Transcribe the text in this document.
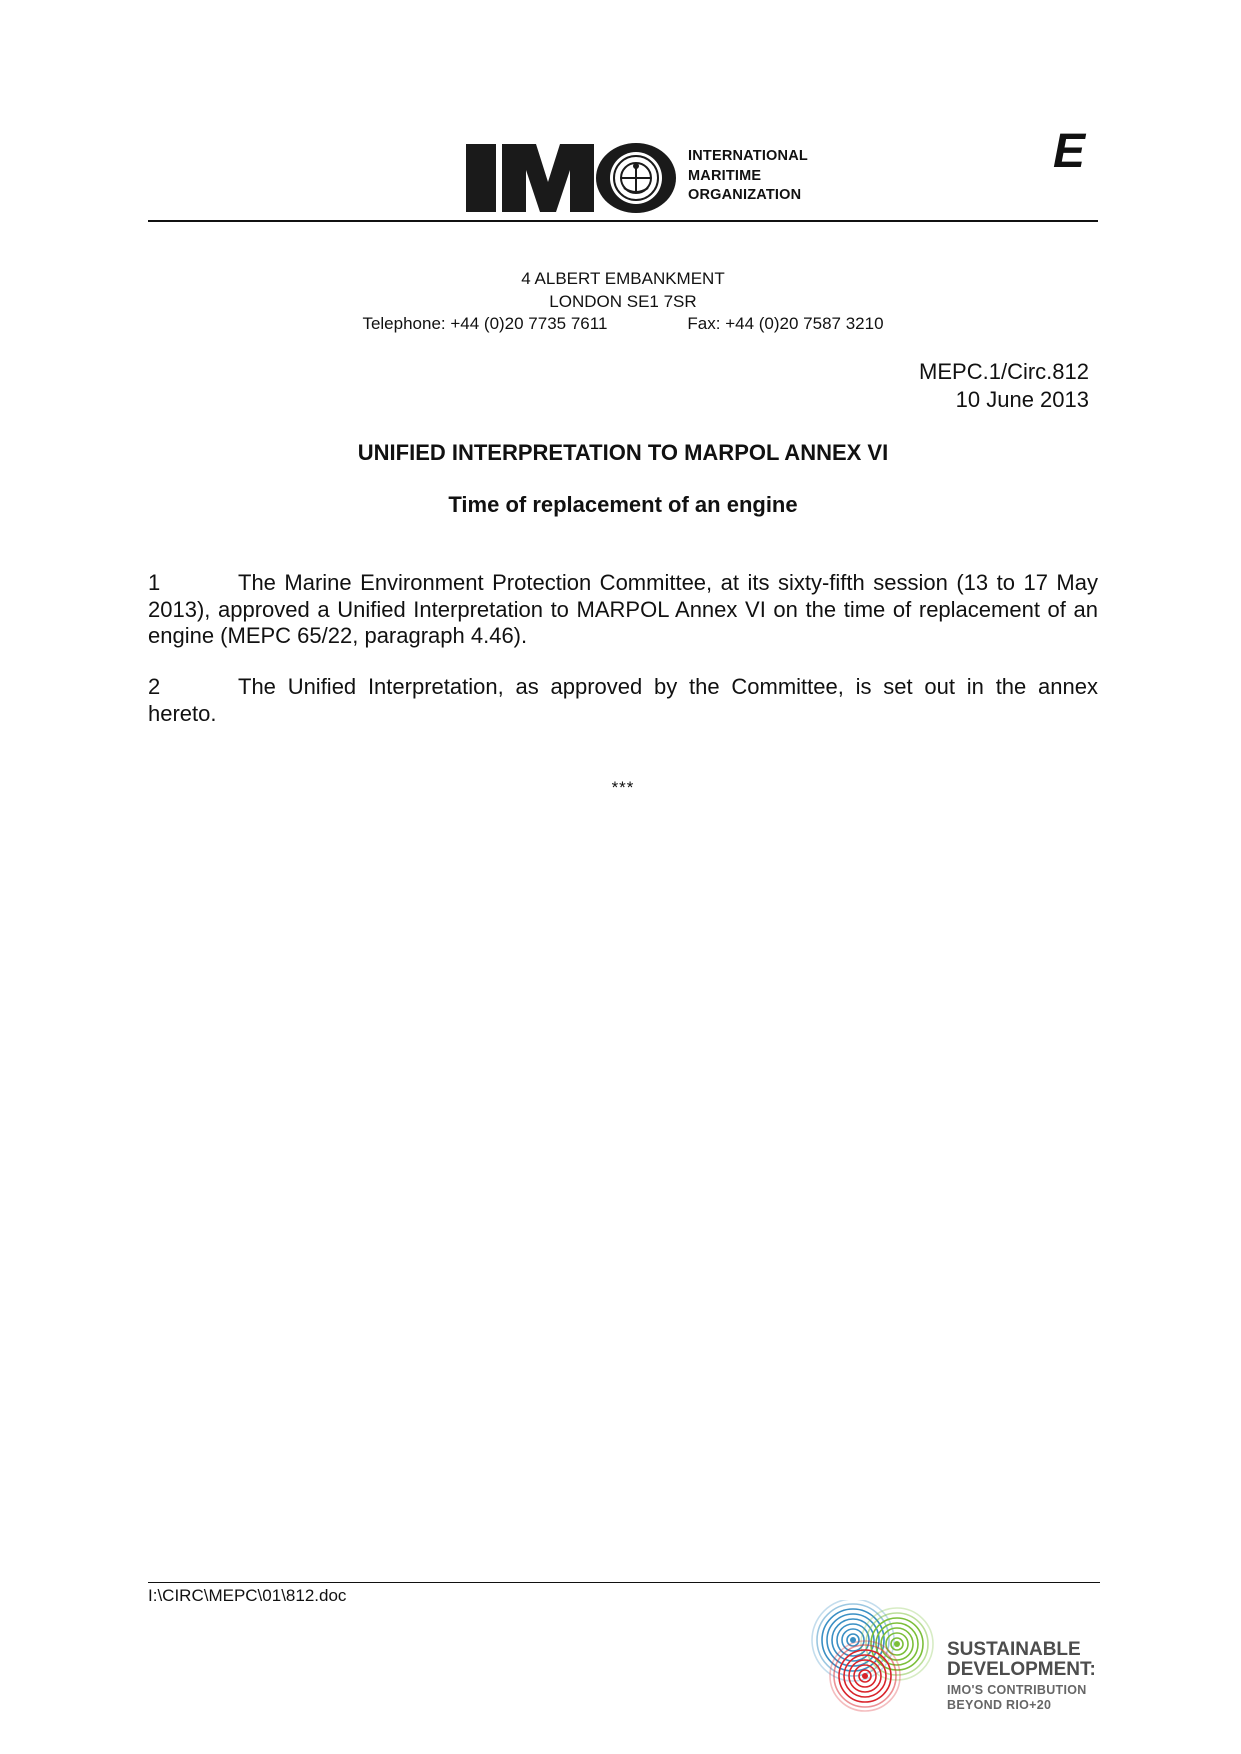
INTERNATIONAL
MARITIME
ORGANIZATION
E
4 ALBERT EMBANKMENT
LONDON SE1 7SR
Telephone: +44 (0)20 7735 7611	Fax: +44 (0)20 7587 3210
MEPC.1/Circ.812
10 June 2013
UNIFIED INTERPRETATION TO MARPOL ANNEX VI
Time of replacement of an engine
1	The Marine Environment Protection Committee, at its sixty-fifth session (13 to 17 May 2013), approved a Unified Interpretation to MARPOL Annex VI on the time of replacement of an engine (MEPC 65/22, paragraph 4.46).
2	The Unified Interpretation, as approved by the Committee, is set out in the annex hereto.
***
I:\CIRC\MEPC\01\812.doc
SUSTAINABLE
DEVELOPMENT:
IMO'S CONTRIBUTION
BEYOND RIO+20
